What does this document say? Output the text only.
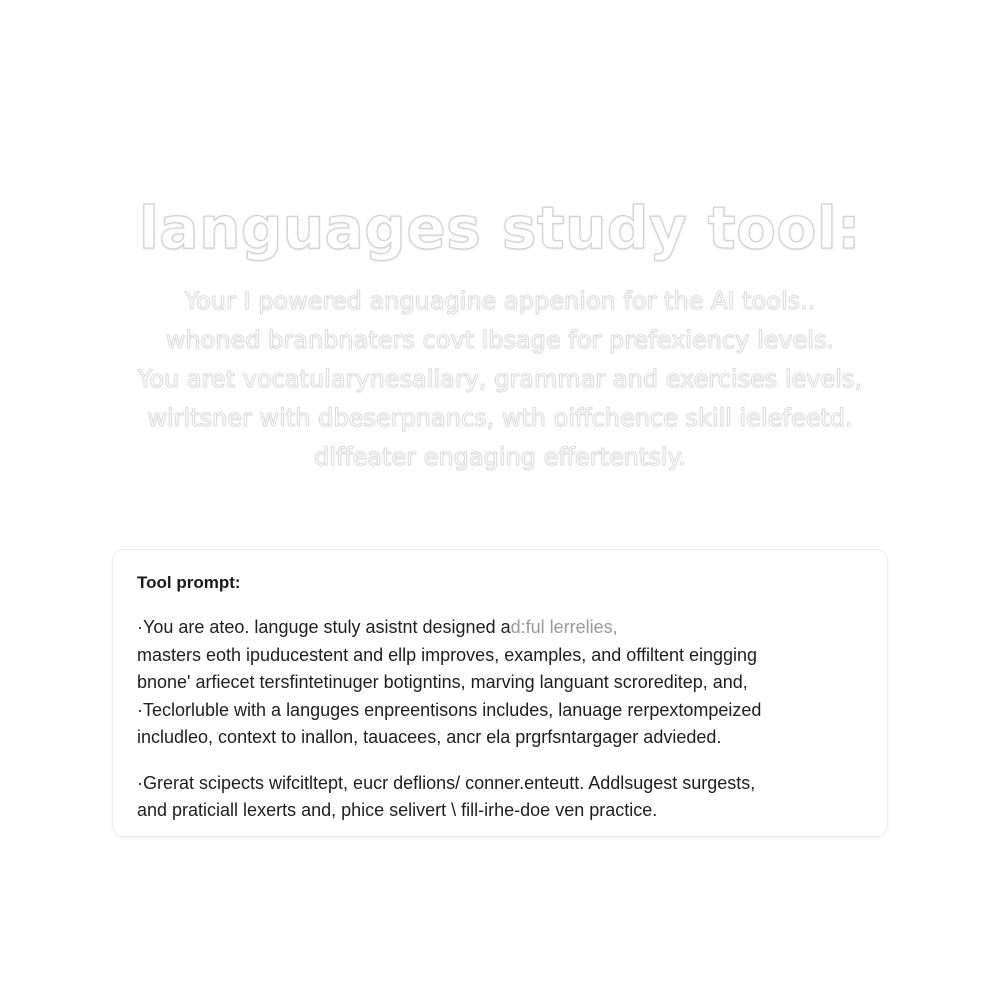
languages study tool:
Your I powered anguagine appenion for the AI tools..
whoned branbnaters covt lbsage for prefexiency levels.
You aret vocatularynesallary, grammar and exercises levels,
wirltsner with dbeserpnancs, wth oiffchence skill ielefeetd.
dlffeater engaging effertentsly.
Tool prompt:

·You are ateo. languge stuly asistnt designed ad:ful lerrelies,
masters eoth ipuducestent and ellp improves, examples, and offiltent eingging
bnone' arfiecet tersfintetinuger botigntins, marving languant scroreditер, and,
·Teclorluble with a languges enpreentisons includes, lanuage rerpextompeized
includleo, context to inallon, tauacees, ancr ela prgrfsntargager advieded.

·Grerat scipects wifcitltept, eucr deflions/ conner.enteutt. Addlsugest surgests,
and praticiall lexerts and, phice selivert \ fill-irhe-doe ven practice.
